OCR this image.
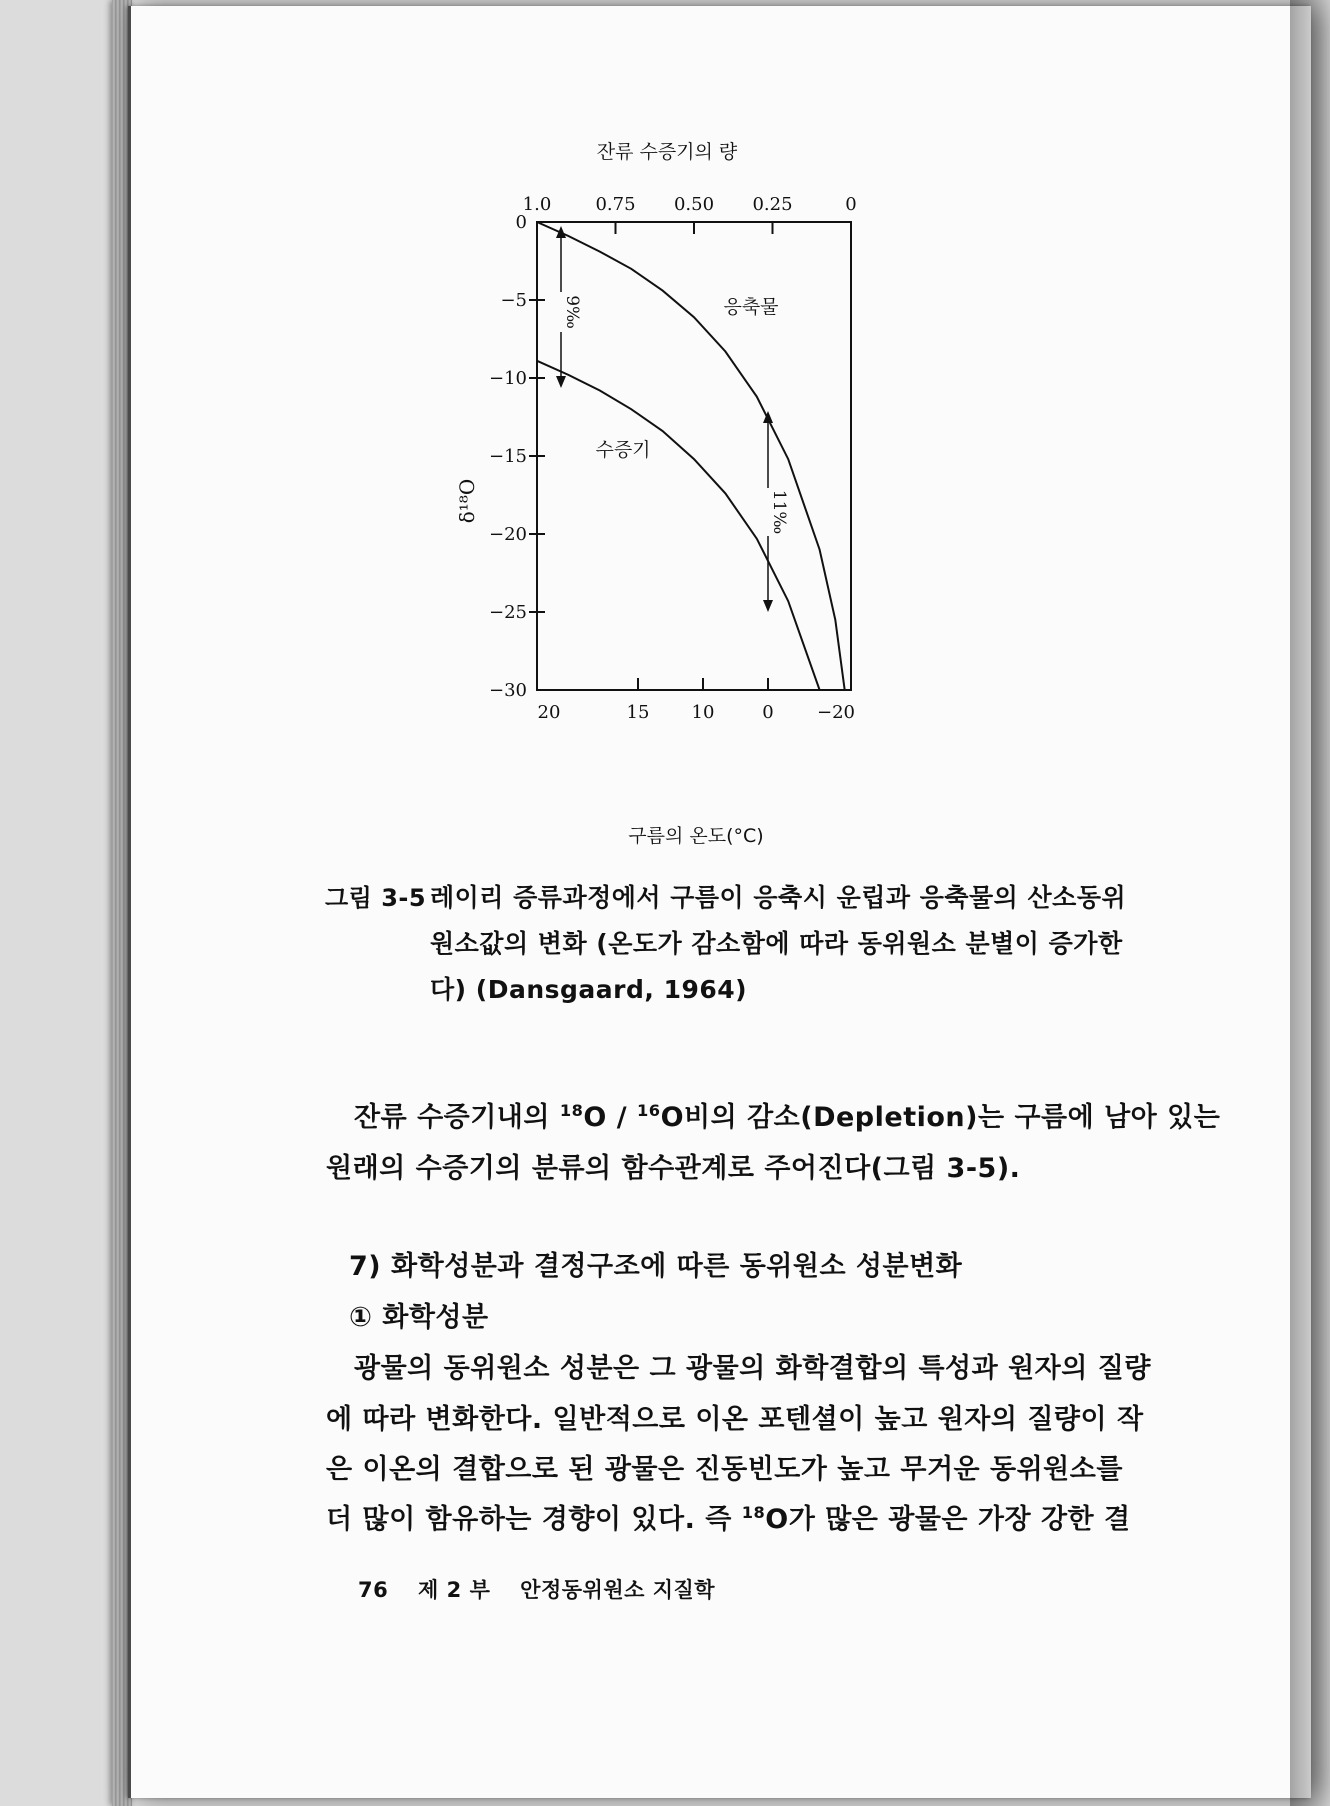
잔류 수증기의 량
1.0 0.75 0.50 0.25	0
0
−5
−10
−15
−20
−25
−30
20	15 10	0 −20
응축물
수증기
9‰
11‰
δ¹⁸O
구름의 온도(°C)
그림 3-5 레이리 증류과정에서 구름이 응축시 운립과 응축물의 산소동위
원소값의 변화 (온도가 감소함에 따라 동위원소 분별이 증가한
다) (Dansgaard, 1964)
잔류 수증기내의 $^{18}$O / $^{16}$O비의 감소(Depletion)는 구름에 남아 있는
원래의 수증기의 분류의 함수관계로 주어진다(그림 3-5).
7) 화학성분과 결정구조에 따른 동위원소 성분변화
① 화학성분
광물의 동위원소 성분은 그 광물의 화학결합의 특성과 원자의 질량
에 따라 변화한다. 일반적으로 이온 포텐셜이 높고 원자의 질량이 작
은 이온의 결합으로 된 광물은 진동빈도가 높고 무거운 동위원소를
더 많이 함유하는 경향이 있다. 즉 $^{18}$O가 많은 광물은 가장 강한 결
76 제 2 부 안정동위원소 지질학
